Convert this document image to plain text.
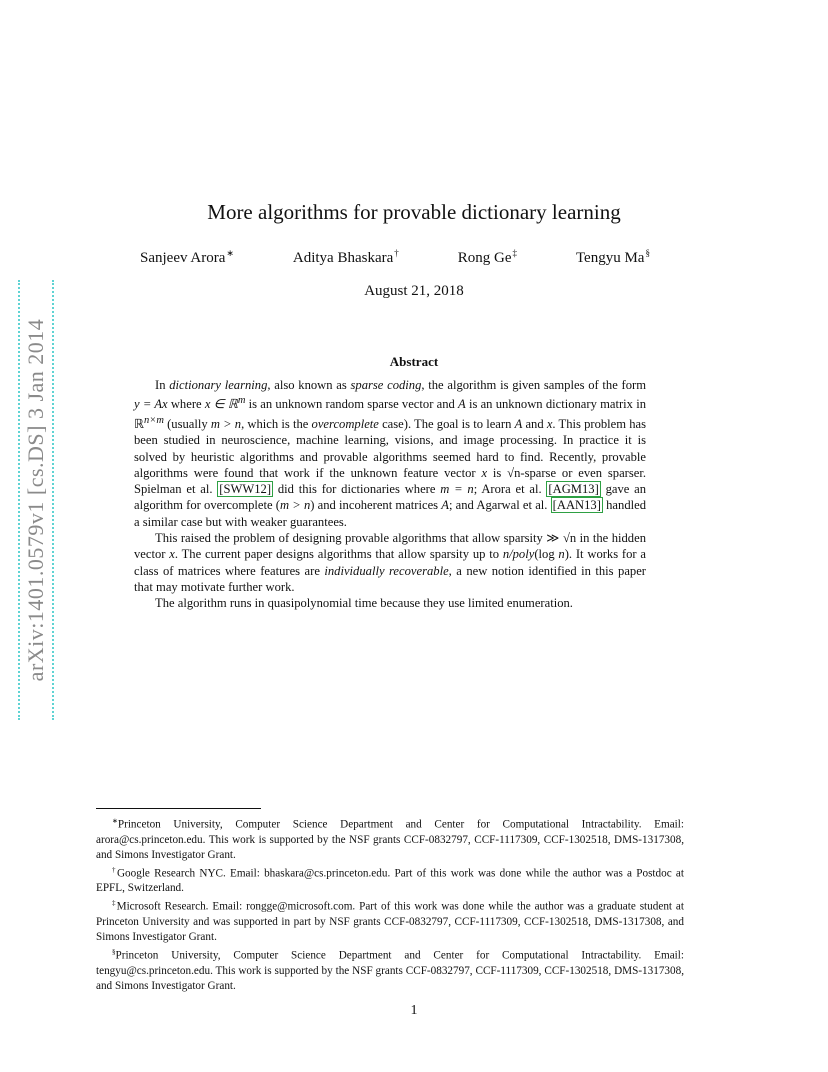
arXiv:1401.0579v1 [cs.DS] 3 Jan 2014
More algorithms for provable dictionary learning
Sanjeev Arora∗	Aditya Bhaskara†	Rong Ge‡	Tengyu Ma§
August 21, 2018
Abstract

In dictionary learning, also known as sparse coding, the algorithm is given samples of the form y = Ax where x ∈ ℝ$^m$ is an unknown random sparse vector and A is an unknown dictionary matrix in ℝ$^{n\times m}$ (usually m > n, which is the overcomplete case). The goal is to learn A and x. This problem has been studied in neuroscience, machine learning, visions, and image processing. In practice it is solved by heuristic algorithms and provable algorithms seemed hard to find. Recently, provable algorithms were found that work if the unknown feature vector x is √n-sparse or even sparser. Spielman et al. [SWW12] did this for dictionaries where m = n; Arora et al. [AGM13] gave an algorithm for overcomplete (m > n) and incoherent matrices A; and Agarwal et al. [AAN13] handled a similar case but with weaker guarantees.

This raised the problem of designing provable algorithms that allow sparsity ≫ √n in the hidden vector x. The current paper designs algorithms that allow sparsity up to n/poly(log n). It works for a class of matrices where features are individually recoverable, a new notion identified in this paper that may motivate further work.

The algorithm runs in quasipolynomial time because they use limited enumeration.

∗Princeton University, Computer Science Department and Center for Computational Intractability. Email: arora@cs.princeton.edu. This work is supported by the NSF grants CCF-0832797, CCF-1117309, CCF-1302518, DMS-1317308, and Simons Investigator Grant.

†Google Research NYC. Email: bhaskara@cs.princeton.edu. Part of this work was done while the author was a Postdoc at EPFL, Switzerland.

‡Microsoft Research. Email: rongge@microsoft.com. Part of this work was done while the author was a graduate student at Princeton University and was supported in part by NSF grants CCF-0832797, CCF-1117309, CCF-1302518, DMS-1317308, and Simons Investigator Grant.

§Princeton University, Computer Science Department and Center for Computational Intractability. Email: tengyu@cs.princeton.edu. This work is supported by the NSF grants CCF-0832797, CCF-1117309, CCF-1302518, DMS-1317308, and Simons Investigator Grant.

1
